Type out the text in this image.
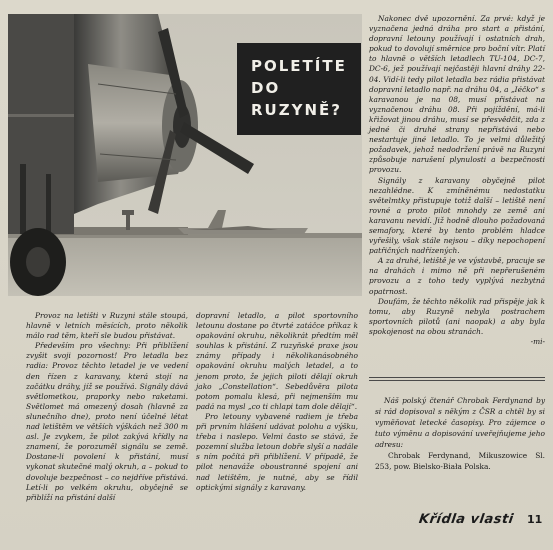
POLETÍTE
DO RUZYNĚ?

Nakonec dvě upozornění. Za prvé: když je vyznačena jedná dráha pro start a přistání, dopravní letouny používají i ostatních drah, pokud to dovolují směrnice pro boční vítr. Platí to hlavně o větších letadlech TU-104, DC-7, DC-6, jež používají nejčastěji hlavní dráhy 22-04. Vidí-li tedy pilot letadla bez rádia přistávat dopravní letadlo např. na dráhu 04, a „Iéčko“ s karavanou je na 08, musí přistávat na vyznačenou dráhu 08. Při pojíždění, má-li křižovat jinou dráhu, musí se přesvědčit, zda z jedné či druhé strany nepřistává nebo nestartuje jiné letadlo. To je velmi důležitý požadavek, jehož nedodržení právě na Ruzyni způsobuje narušení plynulosti a bezpečnosti provozu.

Signály z karavany obyčejně pilot nezahlédne. K zmíněnému nedostatku světelmtky přistupuje totiž další – letiště není rovné a proto pilot mnohdy ze země ani karavanu nevidí. Již hodně dlouho požadovaná semafory, které by tento problém hladce vyřešily, však stále nejsou – díky nepochopení patřičných nadřízených.

A za druhé, letiště je ve výstavbě, pracuje se na drahách i mimo ně při nepřerušeném provozu a z toho tedy vyplývá nezbytná opatrnost.

Doufám, že těchto několik rad přispěje jak k tomu, aby Ruzyně nebyla postrachem sportovních pilotů (ani naopak) a aby byla spokojenost na obou stranách.

-mi-

Provoz na letišti v Ruzyni stále stoupá, hlavně v letních měsících, proto několik málo rad těm, kteří sle budou přistávat.

Především pro všechny: Při přiblížení zvyšit svoji pozornost! Pro letadla bez radia: Provoz těchto letadel je ve vedení den řízen z karavany, která stojí na začátku dráhy, jíž se používá. Signály dává světlometkou, praporky nebo raketami. Světlomet má omezený dosah (hlavně za slunečního dne), proto není účelné létat nad letištěm ve větších výškách než 300 m asl. Je zvykem, že pilot zakývá křídly na znamení, že porozuměl signálu se země. Dostane-li povolení k přistání, musí vykonat skutečné malý okruh, a – pokud to dovoluje bezpečnost – co nejdříve přistává. Letí-li po velkém okruhu, obyčejně se přiblíží na přistání další

dopravní letadlo, a pilot sportovního letounu dostane po čtvrté zatáčce příkaz k opakování okruhu, několikrát předtím měl souhlas k přistání. Z ruzyňské praxe jsou známy případy i několikanásobného opakování okruhu malých letadel, a to jenom proto, že jejich piloti dělají okruh jako „Constellation“. Sebedůvěra pilota potom pomalu klesá, při nejmenším mu padá na mysl „co ti chlapi tam dole dělají“.

Pro letouny vybavené radiem je třeba při prvním hlášení udávat polohu a výšku, třeba i naslepo. Velmi často se stává, že pozemní služba letoun dobře slyší a nadále s ním počítá při přiblížení. V případě, že pilot nenaváže oboustranné spojení ani nad letištěm, je nutné, aby se řídil optickými signály z karavany.

Náš polský čtenář Chrobak Ferdynand by si rád dopisoval s někým z ČSR a chtěl by si vyměňovat letecké časopisy. Pro zájemce o tuto výměnu a dopisování uveřejňujeme jeho adresu:

Chrobak Ferdynand, Mikuszowice Sl. 253, pow. Bielsko-Biała Polska.

Křídla vlasti 11
